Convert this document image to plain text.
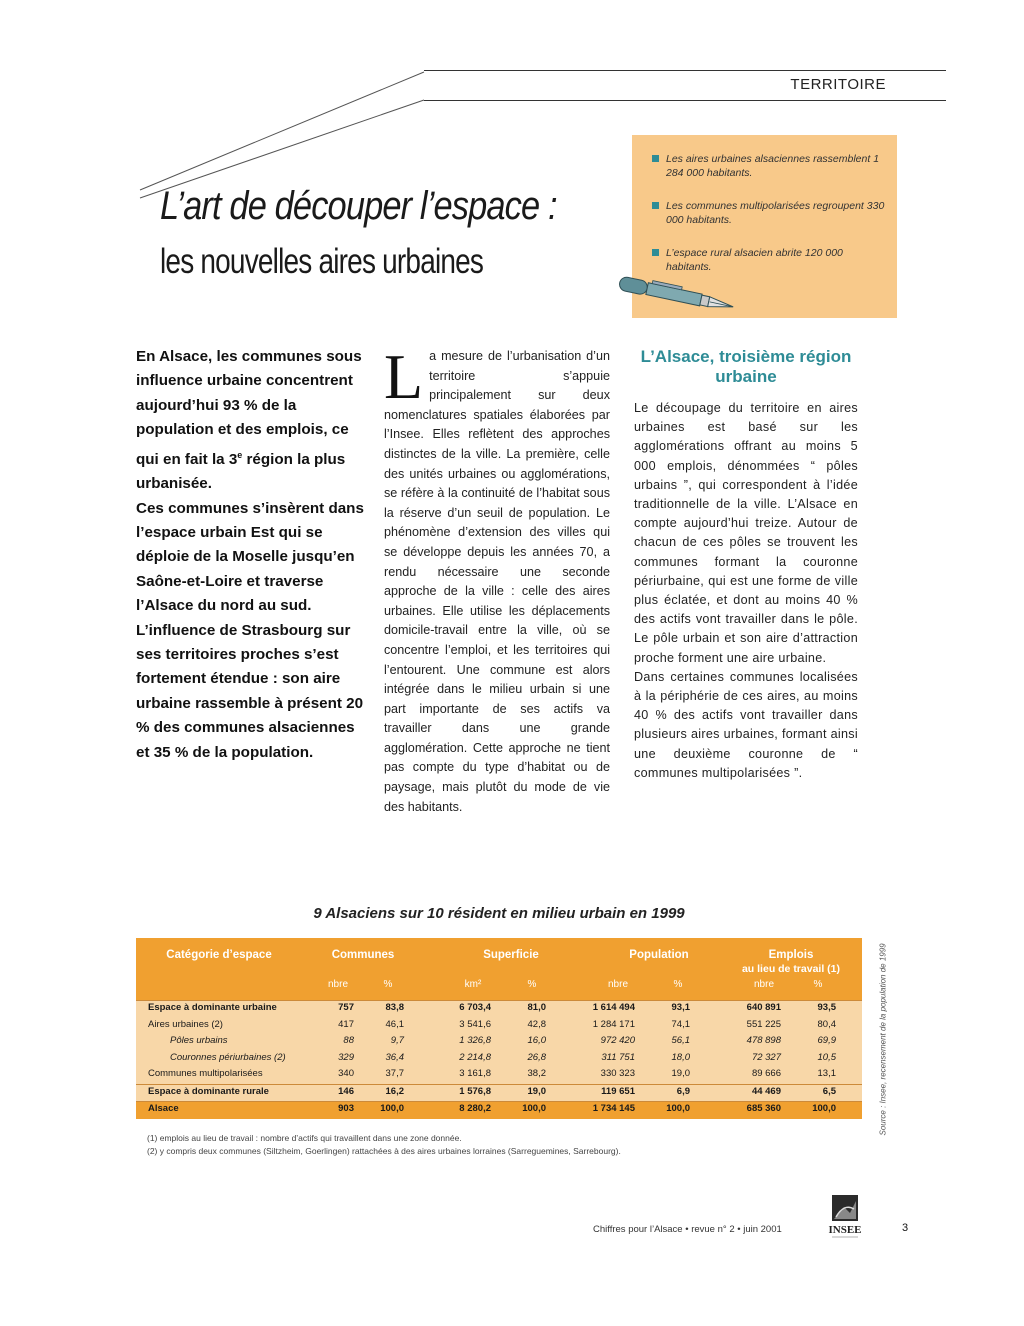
TERRITOIRE
L’art de découper l’espace :
les nouvelles aires urbaines
Les aires urbaines alsaciennes rassemblent 1 284 000 habitants.
Les communes multipolarisées regroupent 330 000 habitants.
L’espace rural alsacien abrite 120 000 habitants.

En Alsace, les communes sous influence urbaine concentrent aujourd’hui 93 % de la population et des emplois, ce qui en fait la 3e région la plus urbanisée.

Ces communes s’insèrent dans l’espace urbain Est qui se déploie de la Moselle jusqu’en Saône-et-Loire et traverse l’Alsace du nord au sud.

L’influence de Strasbourg sur ses territoires proches s’est fortement étendue : son aire urbaine rassemble à présent 20 % des communes alsaciennes et 35 % de la population.

La mesure de l’urbanisation d’un territoire s’appuie principalement sur deux nomenclatures spatiales élaborées par l’Insee. Elles reflètent des approches distinctes de la ville. La première, celle des unités urbaines ou agglomérations, se réfère à la continuité de l’habitat sous la réserve d’un seuil de population. Le phénomène d’extension des villes qui se développe depuis les années 70, a rendu nécessaire une seconde approche de la ville : celle des aires urbaines. Elle utilise les déplacements domicile-travail entre la ville, où se concentre l’emploi, et les territoires qui l’entourent. Une commune est alors intégrée dans le milieu urbain si une part importante de ses actifs va travailler dans une grande agglomération. Cette approche ne tient pas compte du type d’habitat ou de paysage, mais plutôt du mode de vie des habitants.
L’Alsace, troisième région urbaine
Le découpage du territoire en aires urbaines est basé sur les agglomérations offrant au moins 5 000 emplois, dénommées “ pôles urbains ”, qui correspondent à l’idée traditionnelle de la ville. L’Alsace en compte aujourd’hui treize. Autour de chacun de ces pôles se trouvent les communes formant la couronne périurbaine, qui est une forme de ville plus éclatée, et dont au moins 40 % des actifs vont travailler dans le pôle. Le pôle urbain et son aire d’attraction proche forment une aire urbaine.
Dans certaines communes localisées à la périphérie de ces aires, au moins 40 % des actifs vont travailler dans plusieurs aires urbaines, formant ainsi une deuxième couronne de “ communes multipolarisées ”.
9 Alsaciens sur 10 résident en milieu urbain en 1999
Catégorie d’espace	Communes	Superficie	Population	Emplois
au lieu de travail (1)
nbre	%	km²	%	nbre	%	nbre	%
Espace à dominante urbaine	757	83,8	6 703,4	81,0	1 614 494	93,1	640 891	93,5
Aires urbaines (2)	417	46,1	3 541,6	42,8	1 284 171	74,1	551 225	80,4
Pôles urbains	88	9,7	1 326,8	16,0	972 420	56,1	478 898	69,9
Couronnes périurbaines (2)	329	36,4	2 214,8	26,8	311 751	18,0	72 327	10,5
Communes multipolarisées	340	37,7	3 161,8	38,2	330 323	19,0	89 666	13,1
Espace à dominante rurale	146	16,2	1 576,8	19,0	119 651	6,9	44 469	6,5
Alsace	903	100,0	8 280,2	100,0	1 734 145	100,0	685 360	100,0	Source : Insee, recensement de la population de 1999
(1) emplois au lieu de travail : nombre d’actifs qui travaillent dans une zone donnée.
(2) y compris deux communes (Siltzheim, Goerlingen) rattachées à des aires urbaines lorraines (Sarreguemines, Sarrebourg).
Chiffres pour l’Alsace • revue n° 2 • juin 2001	INSEE	3
